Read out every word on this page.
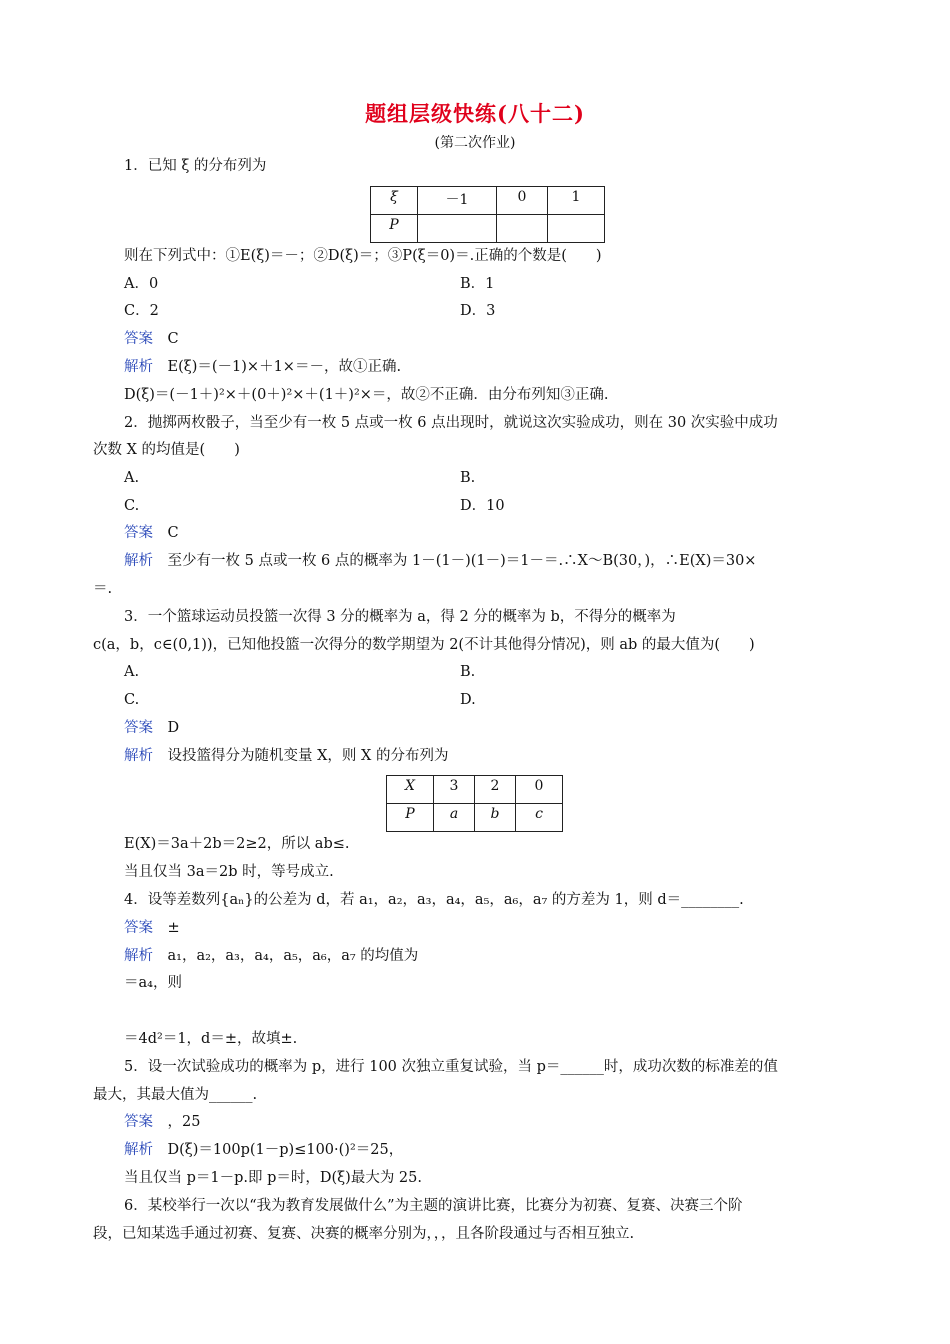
题组层级快练(八十二)
(第二次作业)
1．已知 ξ 的分布列为
ξ	－1	0	1
P			
则在下列式中：①E(ξ)＝－；②D(ξ)＝；③P(ξ＝0)＝.正确的个数是(　　)
A．0	B．1
C．2	D．3
答案　 C
解析　 E(ξ)＝(－1)×＋1×＝－，故①正确.
D(ξ)＝(－1＋)²×＋(0＋)²×＋(1＋)²×＝，故②不正确．由分布列知③正确.
2．抛掷两枚骰子，当至少有一枚 5 点或一枚 6 点出现时，就说这次实验成功，则在 30 次实验中成功
次数 X 的均值是(　　)
A.	B.
C.	D．10
答案　 C
解析　 至少有一枚 5 点或一枚 6 点的概率为 1－(1－)(1－)＝1－＝.∴X～B(30，)，∴E(X)＝30×
＝.
3．一个篮球运动员投篮一次得 3 分的概率为 a，得 2 分的概率为 b，不得分的概率为
c(a，b，c∈(0,1))，已知他投篮一次得分的数学期望为 2(不计其他得分情况)，则 ab 的最大值为(　　)
A.	B.
C.	D.
答案　 D
解析　 设投篮得分为随机变量 X，则 X 的分布列为
X	3	2	0
P	a	b	c
E(X)＝3a＋2b＝2≥2，所以 ab≤.
当且仅当 3a＝2b 时，等号成立.
4．设等差数列{aₙ}的公差为 d，若 a₁，a₂，a₃，a₄，a₅，a₆，a₇ 的方差为 1，则 d＝________.
答案　 ±
解析　 a₁，a₂，a₃，a₄，a₅，a₆，a₇ 的均值为
＝a₄，则
＝4d²＝1，d＝±，故填±.
5．设一次试验成功的概率为 p，进行 100 次独立重复试验，当 p＝______时，成功次数的标准差的值
最大，其最大值为______.
答案　 ，25
解析　 D(ξ)＝100p(1－p)≤100·()²＝25，
当且仅当 p＝1－p.即 p＝时，D(ξ)最大为 25.
6．某校举行一次以“我为教育发展做什么”为主题的演讲比赛，比赛分为初赛、复赛、决赛三个阶
段，已知某选手通过初赛、复赛、决赛的概率分别为，，，且各阶段通过与否相互独立.
